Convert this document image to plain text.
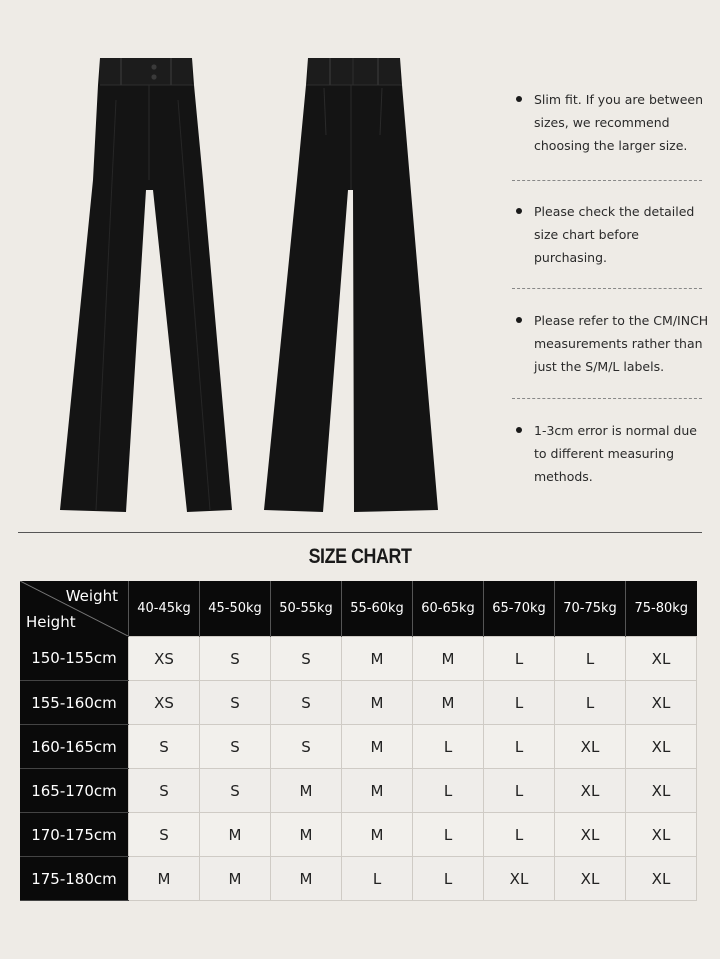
Slim fit. If you are between sizes, we recommend choosing the larger size.
Please check the detailed size chart before purchasing.
Please refer to the CM/INCH measurements rather than just the S/M/L labels.
1-3cm error is normal due to different measuring methods.
SIZE CHART
Weight
Height	40-45kg	45-50kg	50-55kg	55-60kg	60-65kg	65-70kg	70-75kg	75-80kg
150-155cm	XS	S	S	M	M	L	L	XL
155-160cm	XS	S	S	M	M	L	L	XL
160-165cm	S	S	S	M	L	L	XL	XL
165-170cm	S	S	M	M	L	L	XL	XL
170-175cm	S	M	M	M	L	L	XL	XL
175-180cm	M	M	M	L	L	XL	XL	XL
